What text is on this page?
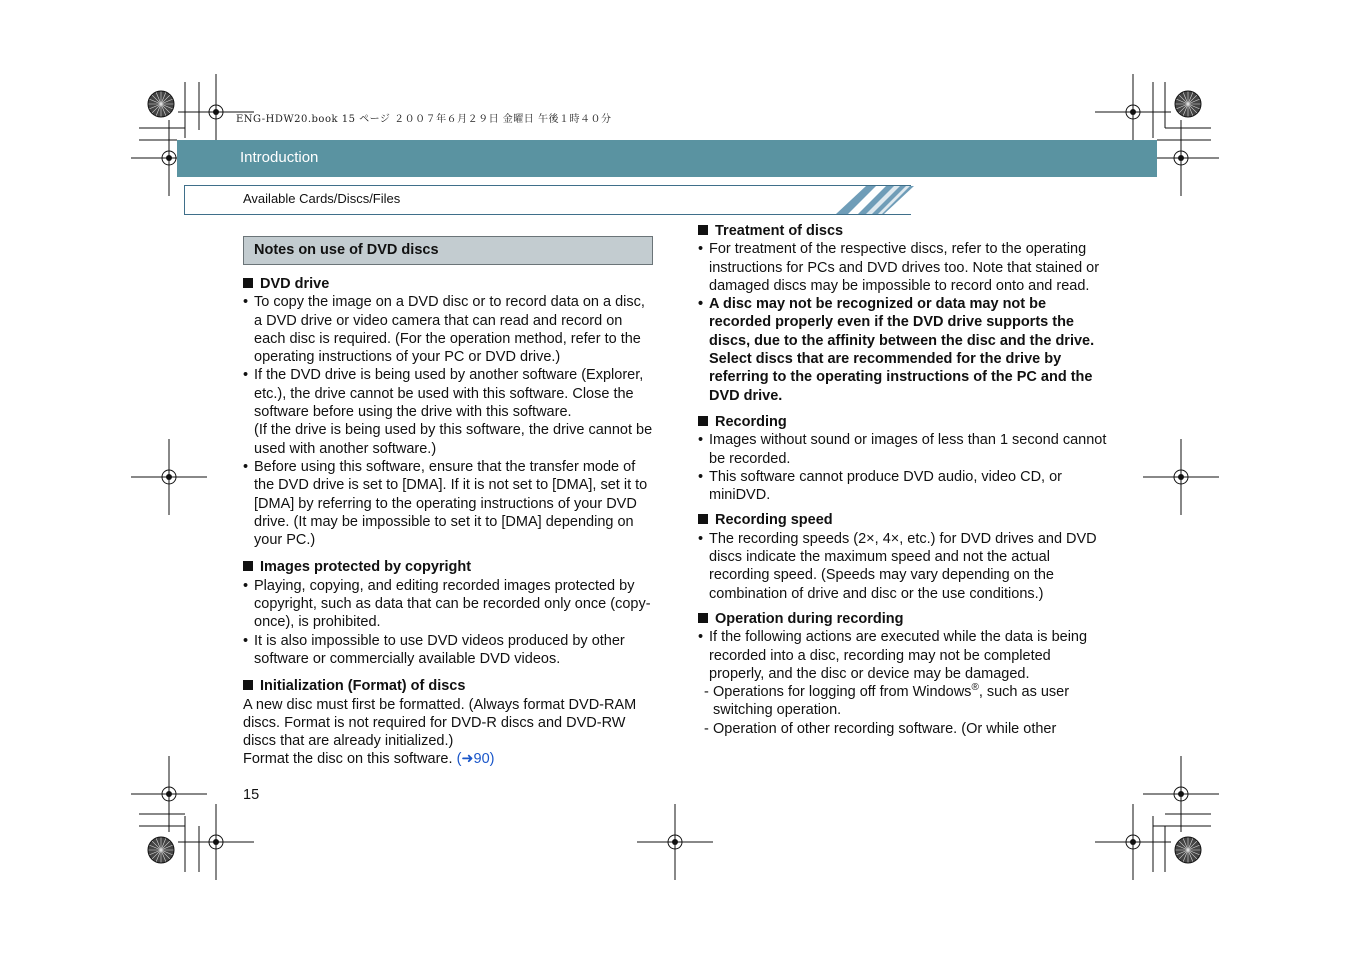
ENG-HDW20.book 15 ページ ２００７年６月２９日 金曜日 午後１時４０分
Introduction
Available Cards/Discs/Files
Notes on use of DVD discs
DVD drive
• To copy the image on a DVD disc or to record data on a disc, a DVD drive or video camera that can read and record on each disc is required. (For the operation method, refer to the operating instructions of your PC or DVD drive.)
• If the DVD drive is being used by another software (Explorer, etc.), the drive cannot be used with this software. Close the software before using the drive with this software.
(If the drive is being used by this software, the drive cannot be used with another software.)
• Before using this software, ensure that the transfer mode of the DVD drive is set to [DMA]. If it is not set to [DMA], set it to [DMA] by referring to the operating instructions of your DVD drive. (It may be impossible to set it to [DMA] depending on your PC.)
Images protected by copyright
• Playing, copying, and editing recorded images protected by copyright, such as data that can be recorded only once (copy-once), is prohibited.
• It is also impossible to use DVD videos produced by other software or commercially available DVD videos.
Initialization (Format) of discs

A new disc must first be formatted. (Always format DVD-RAM discs. Format is not required for DVD-R discs and DVD-RW discs that are already initialized.)

Format the disc on this software. (➜90)

Treatment of discs
• For treatment of the respective discs, refer to the operating instructions for PCs and DVD drives too. Note that stained or damaged discs may be impossible to record onto and read.
• A disc may not be recognized or data may not be recorded properly even if the DVD drive supports the discs, due to the affinity between the disc and the drive. Select discs that are recommended for the drive by referring to the operating instructions of the PC and the DVD drive.
Recording
• Images without sound or images of less than 1 second cannot be recorded.
• This software cannot produce DVD audio, video CD, or miniDVD.
Recording speed
• The recording speeds (2×, 4×, etc.) for DVD drives and DVD discs indicate the maximum speed and not the actual recording speed. (Speeds may vary depending on the combination of drive and disc or the use conditions.)
Operation during recording
• If the following actions are executed while the data is being recorded into a disc, recording may not be completed properly, and the disc or device may be damaged.
- Operations for logging off from Windows®, such as user switching operation.
- Operation of other recording software. (Or while other
15
